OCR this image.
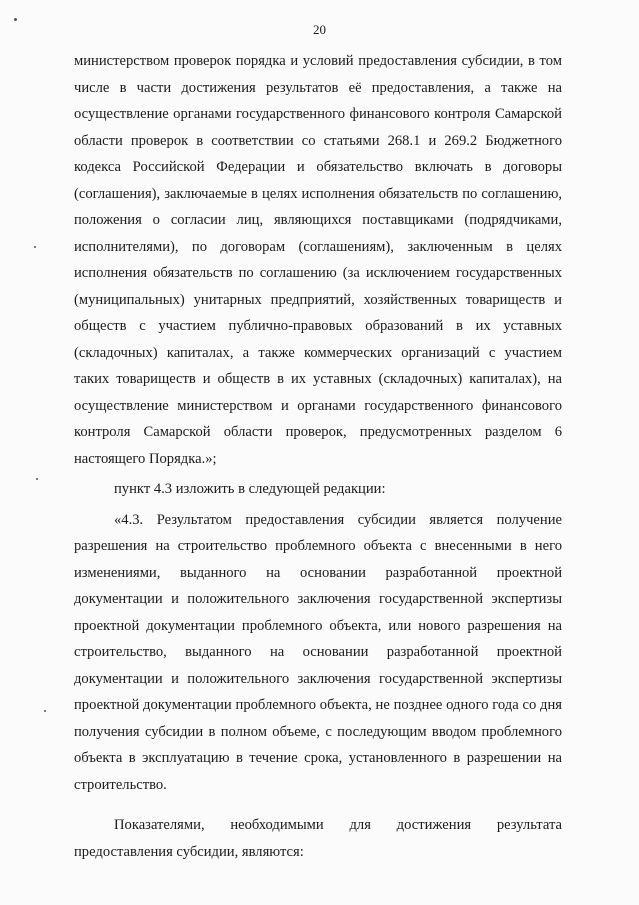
20

министерством проверок порядка и условий предоставления субсидии, в том числе в части достижения результатов её предоставления, а также на осуществление органами государственного финансового контроля Самарской области проверок в соответствии со статьями 268.1 и 269.2 Бюджетного кодекса Российской Федерации и обязательство включать в договоры (соглашения), заключаемые в целях исполнения обязательств по соглашению, положения о согласии лиц, являющихся поставщиками (подрядчиками, исполнителями), по договорам (соглашениям), заключенным в целях исполнения обязательств по соглашению (за исключением государственных (муниципальных) унитарных предприятий, хозяйственных товариществ и обществ с участием публично-правовых образований в их уставных (складочных) капиталах, а также коммерческих организаций с участием таких товариществ и обществ в их уставных (складочных) капиталах), на осуществление министерством и органами государственного финансового контроля Самарской области проверок, предусмотренных разделом 6 настоящего Порядка.»;

пункт 4.3 изложить в следующей редакции:

«4.3. Результатом предоставления субсидии является получение разрешения на строительство проблемного объекта с внесенными в него изменениями, выданного на основании разработанной проектной документации и положительного заключения государственной экспертизы проектной документации проблемного объекта, или нового разрешения на строительство, выданного на основании разработанной проектной документации и положительного заключения государственной экспертизы проектной документации проблемного объекта, не позднее одного года со дня получения субсидии в полном объеме, с последующим вводом проблемного объекта в эксплуатацию в течение срока, установленного в разрешении на строительство.

Показателями, необходимыми для достижения результата предоставления субсидии, являются:
